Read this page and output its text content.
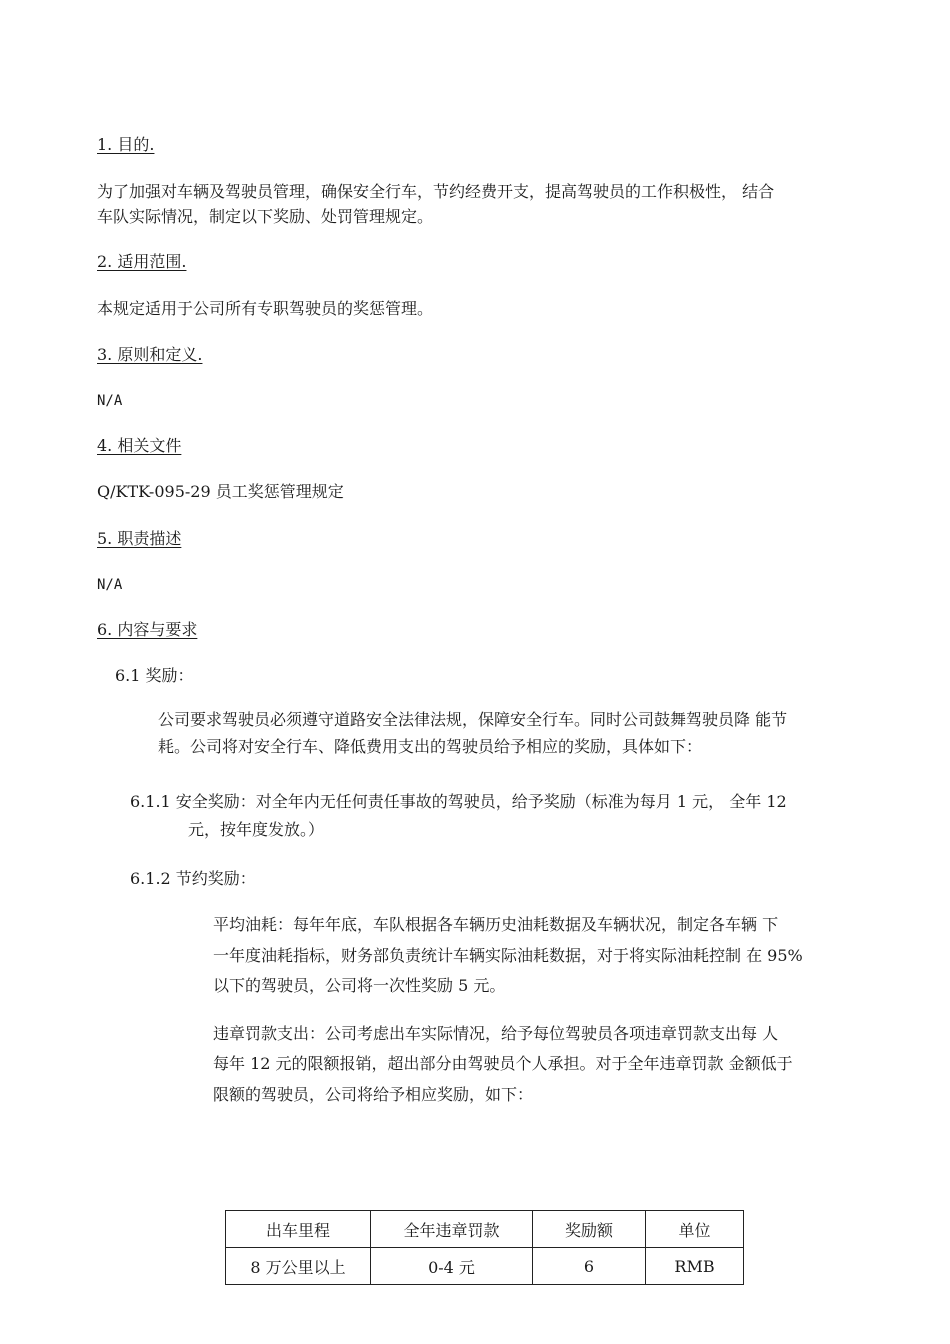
1. 目的.
为了加强对车辆及驾驶员管理，确保安全行车，节约经费开支，提高驾驶员的工作积极性， 结合
车队实际情况，制定以下奖励、处罚管理规定。
2. 适用范围.
本规定适用于公司所有专职驾驶员的奖惩管理。
3. 原则和定义.
N/A
4. 相关文件
Q/KTK-095-29 员工奖惩管理规定
5. 职责描述
N/A
6. 内容与要求
6.1 奖励：
公司要求驾驶员必须遵守道路安全法律法规，保障安全行车。同时公司鼓舞驾驶员降 能节
耗。公司将对安全行车、降低费用支出的驾驶员给予相应的奖励，具体如下：
6.1.1 安全奖励：对全年内无任何责任事故的驾驶员，给予奖励（标准为每月 1 元， 全年 12
元，按年度发放。）
6.1.2 节约奖励：
平均油耗：每年年底，车队根据各车辆历史油耗数据及车辆状况，制定各车辆 下
一年度油耗指标，财务部负责统计车辆实际油耗数据，对于将实际油耗控制 在 95%
以下的驾驶员，公司将一次性奖励 5 元。
违章罚款支出：公司考虑出车实际情况，给予每位驾驶员各项违章罚款支出每 人
每年 12 元的限额报销，超出部分由驾驶员个人承担。对于全年违章罚款 金额低于
限额的驾驶员，公司将给予相应奖励，如下：
出车里程	全年违章罚款	奖励额	单位
8 万公里以上	0-4 元	6	RMB
